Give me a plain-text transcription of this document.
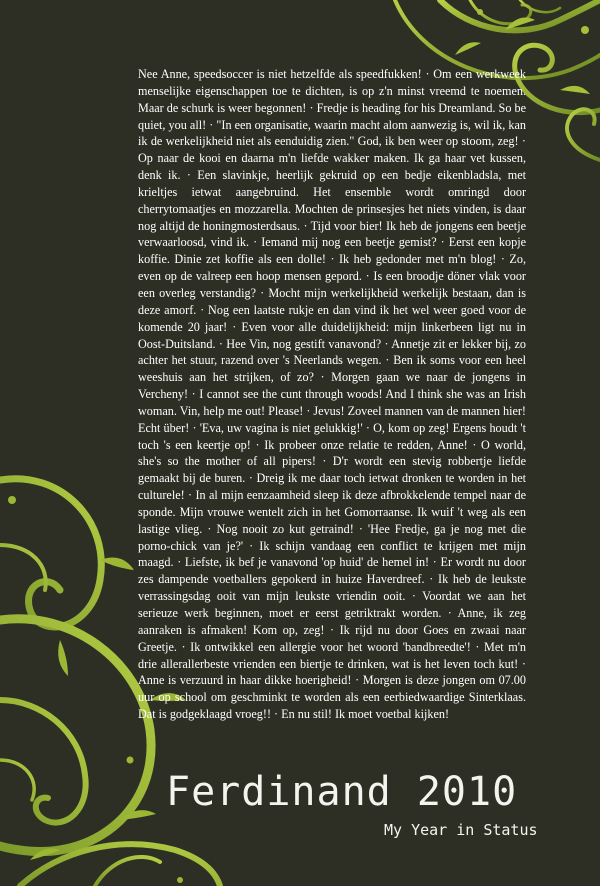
Nee Anne, speedsoccer is niet hetzelfde als speedfukken! · Om een werkweek menselijke eigenschappen toe te dichten, is op z'n minst vreemd te noemen. Maar de schurk is weer begonnen! · Fredje is heading for his Dreamland. So be quiet, you all! · "In een organisatie, waarin macht alom aanwezig is, wil ik, kan ik de werkelijkheid niet als eenduidig zien." God, ik ben weer op stoom, zeg! · Op naar de kooi en daarna m'n liefde wakker maken. Ik ga haar vet kussen, denk ik. · Een slavinkje, heerlijk gekruid op een bedje eikenbladsla, met krieltjes ietwat aangebruind. Het ensemble wordt omringd door cherrytomaatjes en mozzarella. Mochten de prinsesjes het niets vinden, is daar nog altijd de honingmosterdsaus. · Tijd voor bier! Ik heb de jongens een beetje verwaarloosd, vind ik. · Iemand mij nog een beetje gemist? · Eerst een kopje koffie. Dinie zet koffie als een dolle! · Ik heb gedonder met m'n blog! · Zo, even op de valreep een hoop mensen gepord. · Is een broodje döner vlak voor een overleg verstandig? · Mocht mijn werkelijkheid werkelijk bestaan, dan is deze amorf. · Nog een laatste rukje en dan vind ik het wel weer goed voor de komende 20 jaar! · Even voor alle duidelijkheid: mijn linkerbeen ligt nu in Oost-Duitsland. · Hee Vin, nog gestift vanavond? · Annetje zit er lekker bij, zo achter het stuur, razend over 's Neerlands wegen. · Ben ik soms voor een heel weeshuis aan het strijken, of zo? · Morgen gaan we naar de jongens in Vercheny! · I cannot see the cunt through woods! And I think she was an Irish woman. Vin, help me out! Please! · Jevus! Zoveel mannen van de mannen hier! Echt über! · 'Eva, uw vagina is niet gelukkig!' · O, kom op zeg! Ergens houdt 't toch 's een keertje op! · Ik probeer onze relatie te redden, Anne! · O world, she's so the mother of all pipers! · D'r wordt een stevig robbertje liefde gemaakt bij de buren. · Dreig ik me daar toch ietwat dronken te worden in het culturele! · In al mijn eenzaamheid sleep ik deze afbrokkelende tempel naar de sponde. Mijn vrouwe wentelt zich in het Gomorraanse. Ik wuif 't weg als een lastige vlieg. · Nog nooit zo kut getraind! · 'Hee Fredje, ga je nog met die porno-chick van je?' · Ik schijn vandaag een conflict te krijgen met mijn maagd. · Liefste, ik bef je vanavond 'op huid' de hemel in! · Er wordt nu door zes dampende voetballers gepokerd in huize Haverdreef. · Ik heb de leukste verrassingsdag ooit van mijn leukste vriendin ooit. · Voordat we aan het serieuze werk beginnen, moet er eerst getriktrakt worden. · Anne, ik zeg aanraken is afmaken! Kom op, zeg! · Ik rijd nu door Goes en zwaai naar Greetje. · Ik ontwikkel een allergie voor het woord 'bandbreedte'! · Met m'n drie allerallerbeste vrienden een biertje te drinken, wat is het leven toch kut! · Anne is verzuurd in haar dikke hoerigheid! · Morgen is deze jongen om 07.00 uur op school om geschminkt te worden als een eerbiedwaardige Sinterklaas. Dat is godgeklaagd vroeg!! · En nu stil! Ik moet voetbal kijken!

Ferdinand 2010
My Year in Status
